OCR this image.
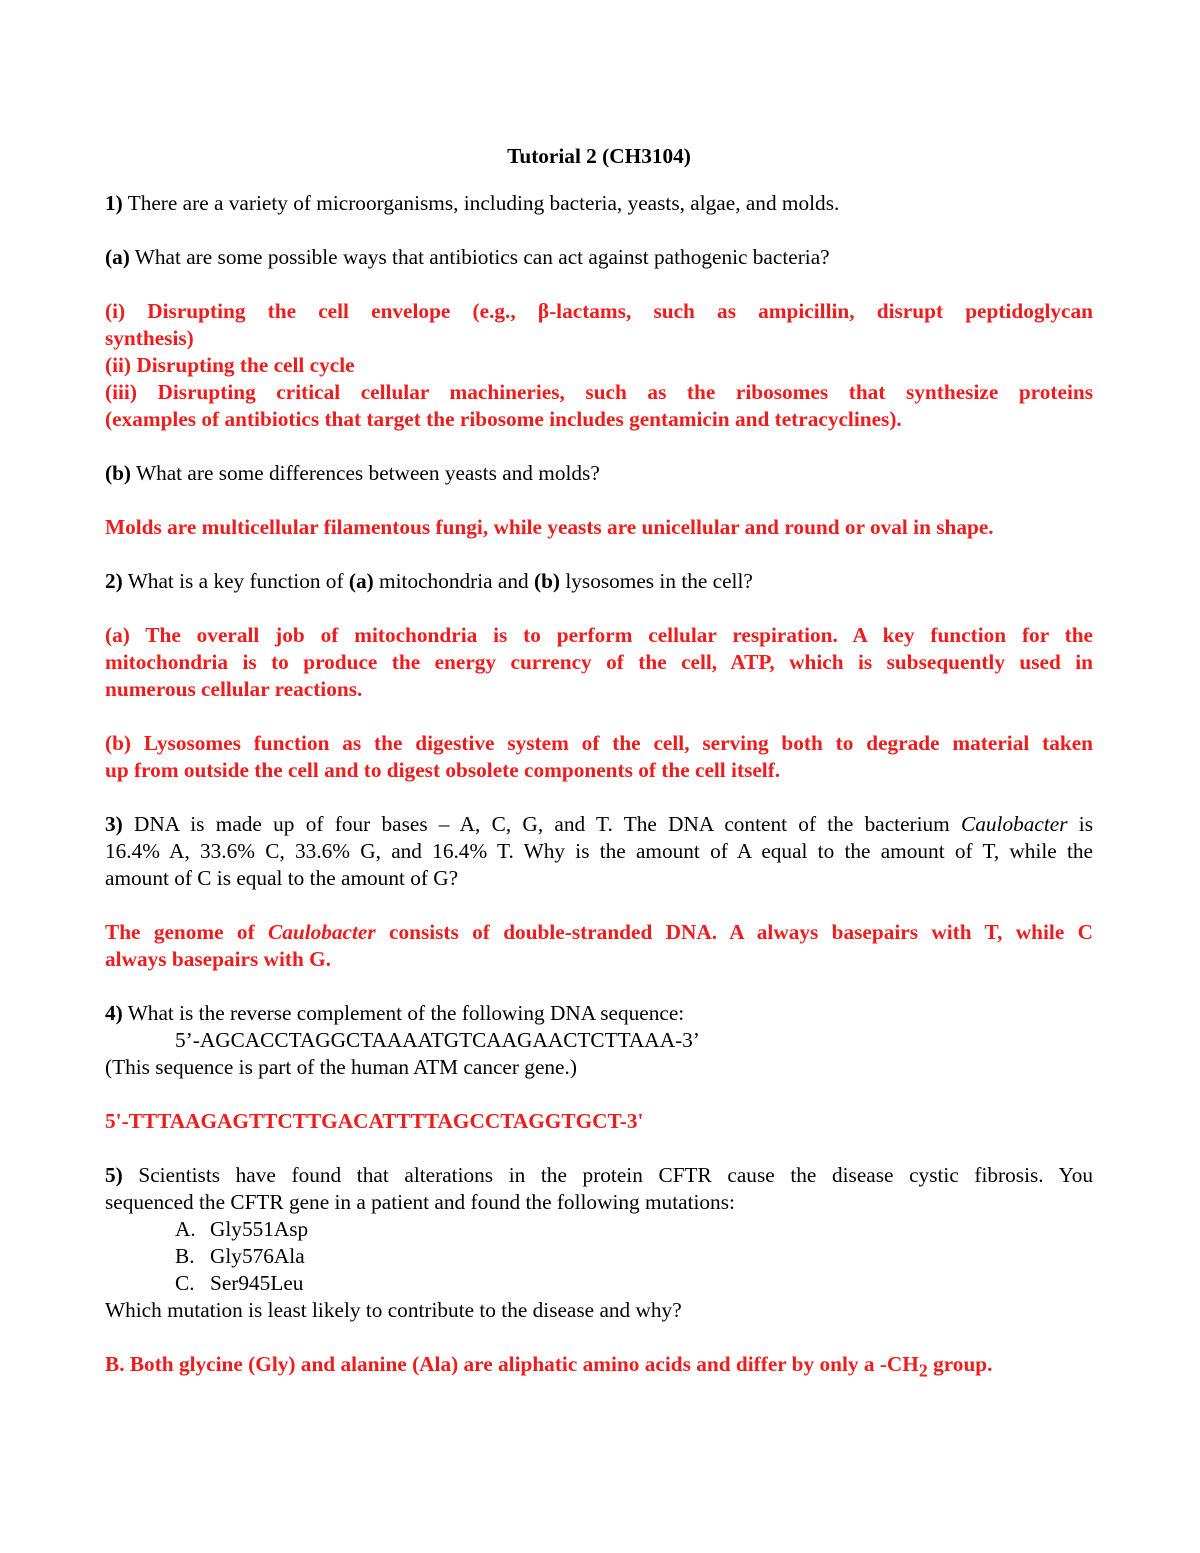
Tutorial 2 (CH3104)
1) There are a variety of microorganisms, including bacteria, yeasts, algae, and molds.
(a) What are some possible ways that antibiotics can act against pathogenic bacteria?
(i) Disrupting the cell envelope (e.g., β-lactams, such as ampicillin, disrupt peptidoglycan
synthesis)
(ii) Disrupting the cell cycle
(iii) Disrupting critical cellular machineries, such as the ribosomes that synthesize proteins
(examples of antibiotics that target the ribosome includes gentamicin and tetracyclines).
(b) What are some differences between yeasts and molds?
Molds are multicellular filamentous fungi, while yeasts are unicellular and round or oval in shape.
2) What is a key function of (a) mitochondria and (b) lysosomes in the cell?
(a) The overall job of mitochondria is to perform cellular respiration. A key function for the
mitochondria is to produce the energy currency of the cell, ATP, which is subsequently used in
numerous cellular reactions.
(b) Lysosomes function as the digestive system of the cell, serving both to degrade material taken
up from outside the cell and to digest obsolete components of the cell itself.
3) DNA is made up of four bases – A, C, G, and T. The DNA content of the bacterium Caulobacter is
16.4% A, 33.6% C, 33.6% G, and 16.4% T. Why is the amount of A equal to the amount of T, while the
amount of C is equal to the amount of G?
The genome of Caulobacter consists of double-stranded DNA. A always basepairs with T, while C
always basepairs with G.
4) What is the reverse complement of the following DNA sequence:
5’-AGCACCTAGGCTAAAATGTCAAGAACTCTTAAA-3’
(This sequence is part of the human ATM cancer gene.)
5'-TTTAAGAGTTCTTGACATTTTAGCCTAGGTGCT-3'
5) Scientists have found that alterations in the protein CFTR cause the disease cystic fibrosis. You
sequenced the CFTR gene in a patient and found the following mutations:
A. Gly551Asp
B. Gly576Ala
C. Ser945Leu
Which mutation is least likely to contribute to the disease and why?
B. Both glycine (Gly) and alanine (Ala) are aliphatic amino acids and differ by only a $-CH_2$ group.
